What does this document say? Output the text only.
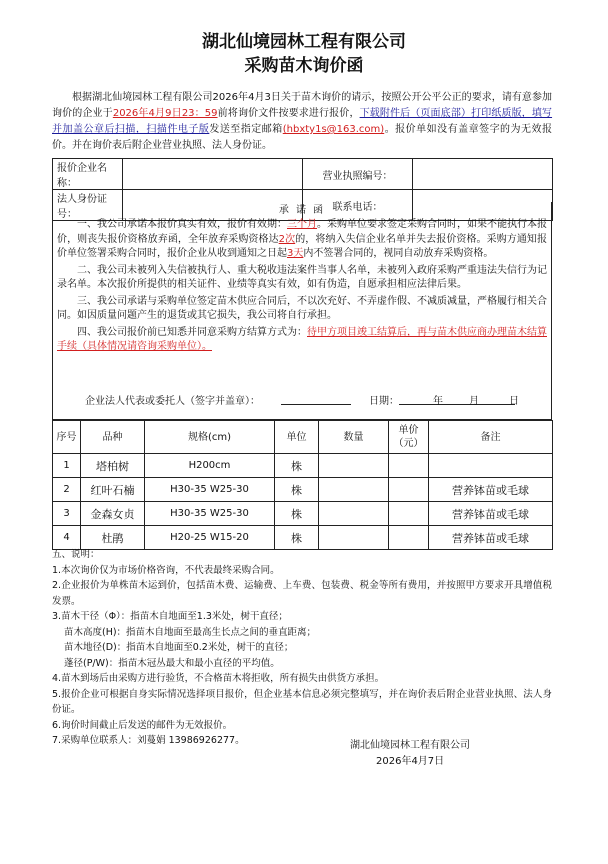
湖北仙境园林工程有限公司
采购苗木询价函
根据湖北仙境园林工程有限公司2026年4月3日关于苗木询价的请示，按照公开公平公正的要求，请有意参加询价的企业于2026年4月9日23：59前将询价文件按要求进行报价，下载附件后（页面底部）打印纸质版，填写并加盖公章后扫描，扫描件电子版发送至指定邮箱(hbxty1s@163.com)。报价单如没有盖章签字的为无效报价。并在询价表后附企业营业执照、法人身份证。
报价企业名称：		营业执照编号：	
法人身份证号：		联系电话：	
承 诺 函

一、我公司承诺本报价真实有效，报价有效期：三个月。采购单位要求签定采购合同时，如果不能执行本报价，则丧失报价资格放弃函，全年放弃采购资格达2次的，将纳入失信企业名单并失去报价资格。采购方通知报价单位签署采购合同时，报价企业从收到通知之日起3天内不签署合同的，视同自动放弃采购资格。

二、我公司未被列入失信被执行人、重大税收违法案件当事人名单，未被列入政府采购严重违法失信行为记录名单。本次报价所提供的相关证件、业绩等真实有效，如有伪造，自愿承担相应法律后果。

三、我公司承诺与采购单位签定苗木供应合同后，不以次充好、不弄虚作假、不减质减量，严格履行相关合同。如因质量问题产生的退货或其它损失，我公司将自行承担。

四、我公司报价前已知悉并同意采购方结算方式为：待甲方项目竣工结算后，再与苗木供应商办理苗木结算手续（具体情况请咨询采购单位）。

企业法人代表或委托人（签字并盖章）：	日期：	年	月	日
序号	品种	规格(cm)	单位	数量	单价（元）	备注
1	塔柏树	H200cm	株			
2	红叶石楠	H30-35 W25-30	株			营养钵苗或毛球
3	金森女贞	H30-35 W25-30	株			营养钵苗或毛球
4	杜鹃	H20-25 W15-20	株			营养钵苗或毛球
五、说明：
1.本次询价仅为市场价格咨询，不代表最终采购合同。
2.企业报价为单株苗木运到价，包括苗木费、运输费、上车费、包装费、税金等所有费用，并按照甲方要求开具增值税发票。
3.苗木干径（Φ）：指苗木自地面至1.3米处，树干直径；
苗木高度(H)：指苗木自地面至最高生长点之间的垂直距离；
苗木地径(D)：指苗木自地面至0.2米处，树干的直径；
蓬径(P/W)：指苗木冠丛最大和最小直径的平均值。
4.苗木到场后由采购方进行验货，不合格苗木将拒收，所有损失由供货方承担。
5.报价企业可根据自身实际情况选择项目报价，但企业基本信息必须完整填写，并在询价表后附企业营业执照、法人身份证。
6.询价时间截止后发送的邮件为无效报价。
7.采购单位联系人：刘蔓娟 13986926277。	湖北仙境园林工程有限公司
2026年4月7日
